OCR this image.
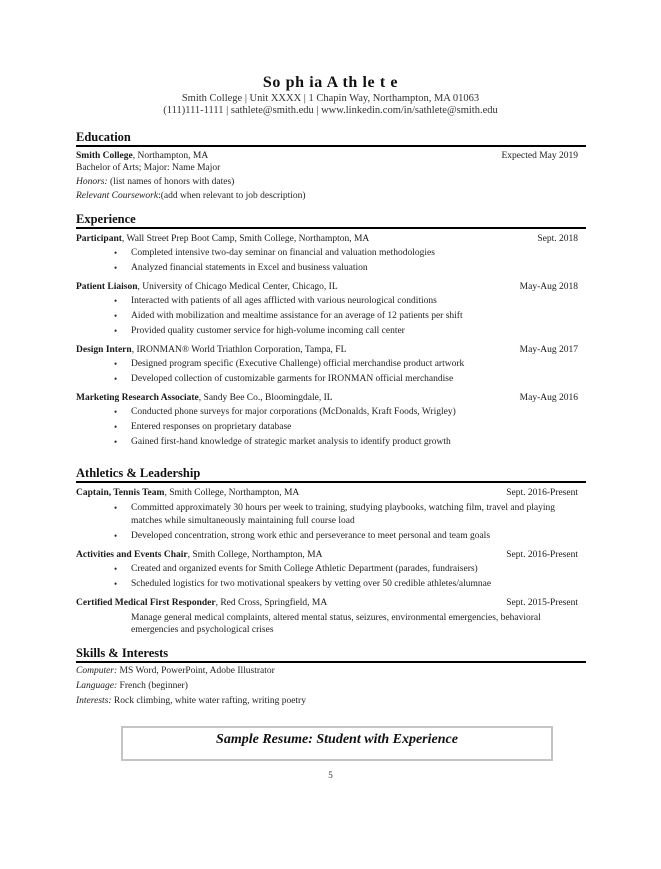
So ph ia A th le t e
Smith College | Unit XXXX | 1 Chapin Way, Northampton, MA 01063
(111)111-1111 | sathlete@smith.edu | www.linkedin.com/in/sathlete@smith.edu
Education
Smith College, Northampton, MA	Expected May 2019
Bachelor of Arts; Major: Name Major
Honors: (list names of honors with dates)
Relevant Coursework:(add when relevant to job description)
Experience
Participant, Wall Street Prep Boot Camp, Smith College, Northampton, MA	Sept. 2018
• Completed intensive two-day seminar on financial and valuation methodologies
• Analyzed financial statements in Excel and business valuation
Patient Liaison, University of Chicago Medical Center, Chicago, IL	May-Aug 2018
• Interacted with patients of all ages afflicted with various neurological conditions
• Aided with mobilization and mealtime assistance for an average of 12 patients per shift
• Provided quality customer service for high-volume incoming call center
Design Intern, IRONMAN® World Triathlon Corporation, Tampa, FL	May-Aug 2017
• Designed program specific (Executive Challenge) official merchandise product artwork
• Developed collection of customizable garments for IRONMAN official merchandise
Marketing Research Associate, Sandy Bee Co., Bloomingdale, IL	May-Aug 2016
• Conducted phone surveys for major corporations (McDonalds, Kraft Foods, Wrigley)
• Entered responses on proprietary database
• Gained first-hand knowledge of strategic market analysis to identify product growth
Athletics & Leadership
Captain, Tennis Team, Smith College, Northampton, MA	Sept. 2016-Present
• Committed approximately 30 hours per week to training, studying playbooks, watching film, travel and playing matches while simultaneously maintaining full course load
• Developed concentration, strong work ethic and perseverance to meet personal and team goals
Activities and Events Chair, Smith College, Northampton, MA	Sept. 2016-Present
• Created and organized events for Smith College Athletic Department (parades, fundraisers)
• Scheduled logistics for two motivational speakers by vetting over 50 credible athletes/alumnae
Certified Medical First Responder, Red Cross, Springfield, MA	Sept. 2015-Present
Manage general medical complaints, altered mental status, seizures, environmental emergencies, behavioral emergencies and psychological crises
Skills & Interests
Computer: MS Word, PowerPoint, Adobe Illustrator
Language: French (beginner)
Interests: Rock climbing, white water rafting, writing poetry
Sample Resume: Student with Experience
5
